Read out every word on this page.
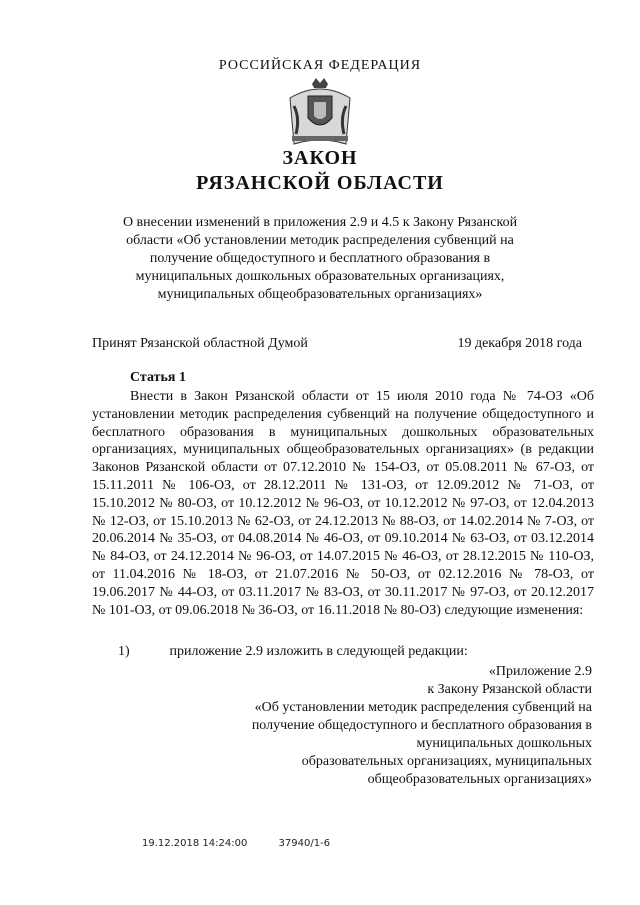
РОССИЙСКАЯ ФЕДЕРАЦИЯ
ЗАКОН
РЯЗАНСКОЙ ОБЛАСТИ
О внесении изменений в приложения 2.9 и 4.5 к Закону Рязанской области «Об установлении методик распределения субвенций на получение общедоступного и бесплатного образования в муниципальных дошкольных образовательных организациях, муниципальных общеобразовательных организациях»
Принят Рязанской областной Думой	19 декабря 2018 года
Статья 1

Внести в Закон Рязанской области от 15 июля 2010 года № 74-ОЗ «Об установлении методик распределения субвенций на получение общедоступного и бесплатного образования в муниципальных дошкольных образовательных организациях, муниципальных общеобразовательных организациях» (в редакции Законов Рязанской области от 07.12.2010 № 154-ОЗ, от 05.08.2011 № 67-ОЗ, от 15.11.2011 № 106-ОЗ, от 28.12.2011 № 131-ОЗ, от 12.09.2012 № 71-ОЗ, от 15.10.2012 № 80-ОЗ, от 10.12.2012 № 96-ОЗ, от 10.12.2012 № 97-ОЗ, от 12.04.2013 № 12-ОЗ, от 15.10.2013 № 62-ОЗ, от 24.12.2013 № 88-ОЗ, от 14.02.2014 № 7-ОЗ, от 20.06.2014 № 35-ОЗ, от 04.08.2014 № 46-ОЗ, от 09.10.2014 № 63-ОЗ, от 03.12.2014 № 84-ОЗ, от 24.12.2014 № 96-ОЗ, от 14.07.2015 № 46-ОЗ, от 28.12.2015 № 110-ОЗ, от 11.04.2016 № 18-ОЗ, от 21.07.2016 № 50-ОЗ, от 02.12.2016 № 78-ОЗ, от 19.06.2017 № 44-ОЗ, от 03.11.2017 № 83-ОЗ, от 30.11.2017 № 97-ОЗ, от 20.12.2017 № 101-ОЗ, от 09.06.2018 № 36-ОЗ, от 16.11.2018 № 80-ОЗ) следующие изменения:

1)	приложение 2.9 изложить в следующей редакции:
«Приложение 2.9
к Закону Рязанской области
«Об установлении методик распределения субвенций на
получение общедоступного и бесплатного образования в
муниципальных дошкольных
образовательных организациях, муниципальных
общеобразовательных организациях»
19.12.2018 14:24:00	37940/1-6
